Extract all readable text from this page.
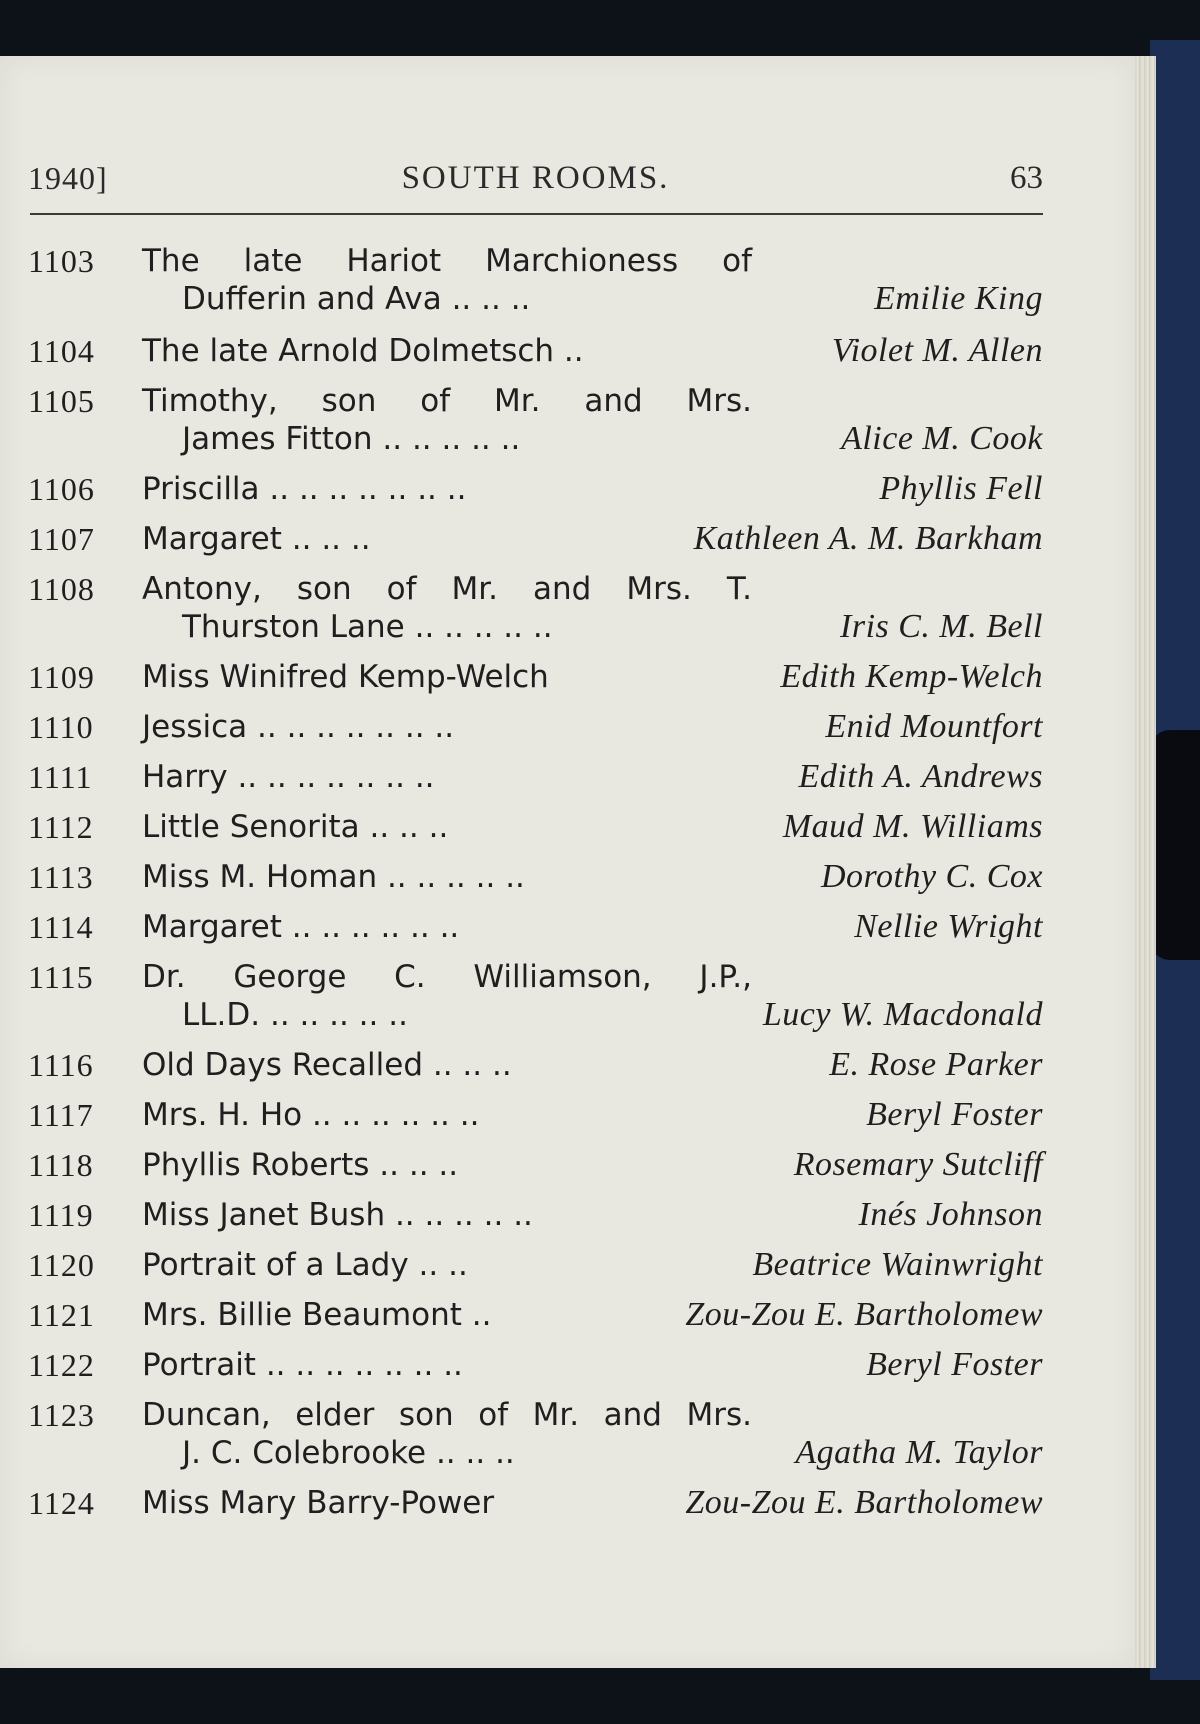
1940]	SOUTH ROOMS.	63
1103 The late Hariot Marchioness of
Dufferin and Ava .. .. ..	Emilie King
1104 The late Arnold Dolmetsch ..	Violet M. Allen
1105 Timothy, son of Mr. and Mrs.
James Fitton .. .. .. .. ..	Alice M. Cook
1106 Priscilla .. .. .. .. .. .. ..	Phyllis Fell
1107 Margaret .. .. ..	Kathleen A. M. Barkham
1108 Antony, son of Mr. and Mrs. T.
Thurston Lane .. .. .. .. ..	Iris C. M. Bell
1109 Miss Winifred Kemp-Welch	Edith Kemp-Welch
1110 Jessica .. .. .. .. .. .. ..	Enid Mountfort
1111 Harry .. .. .. .. .. .. ..	Edith A. Andrews
1112 Little Senorita .. .. ..	Maud M. Williams
1113 Miss M. Homan .. .. .. .. ..	Dorothy C. Cox
1114 Margaret .. .. .. .. .. ..	Nellie Wright
1115 Dr. George C. Williamson, J.P.,
LL.D. .. .. .. .. ..	Lucy W. Macdonald
1116 Old Days Recalled .. .. ..	E. Rose Parker
1117 Mrs. H. Ho .. .. .. .. .. ..	Beryl Foster
1118 Phyllis Roberts .. .. ..	Rosemary Sutcliff
1119 Miss Janet Bush .. .. .. .. ..	Inés Johnson
1120 Portrait of a Lady .. ..	Beatrice Wainwright
1121 Mrs. Billie Beaumont ..	Zou-Zou E. Bartholomew
1122 Portrait .. .. .. .. .. .. ..	Beryl Foster
1123 Duncan, elder son of Mr. and Mrs.
J. C. Colebrooke .. .. ..	Agatha M. Taylor
1124 Miss Mary Barry-Power	Zou-Zou E. Bartholomew
